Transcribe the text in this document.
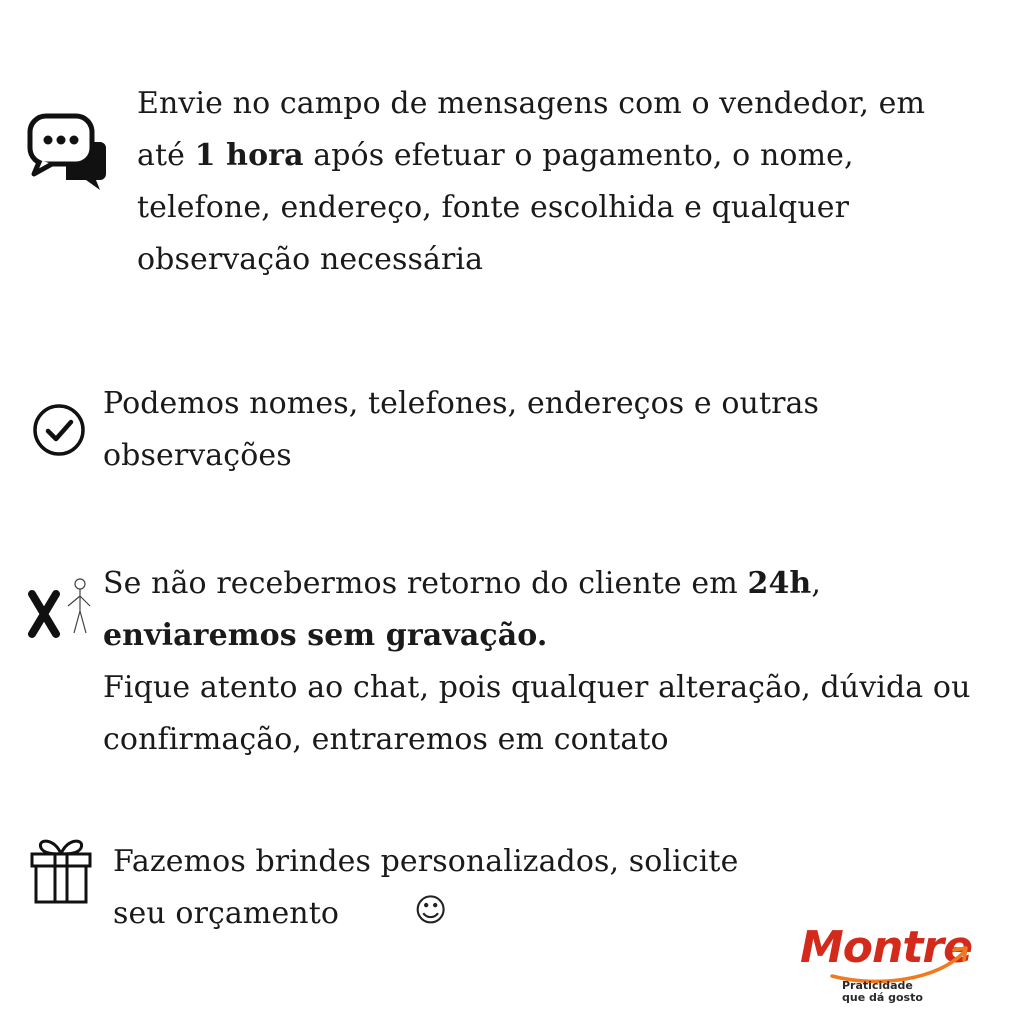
Envie no campo de mensagens com o vendedor, em
até 1 hora após efetuar o pagamento, o nome,
telefone, endereço, fonte escolhida e qualquer
observação necessária
Podemos nomes, telefones, endereços e outras
observações
Se não recebermos retorno do cliente em 24h,
enviaremos sem gravação.
Fique atento ao chat, pois qualquer alteração, dúvida ou
confirmação, entraremos em contato
Fazemos brindes personalizados, solicite
seu orçamento	☺
Montre
Praticidade
que dá gosto
